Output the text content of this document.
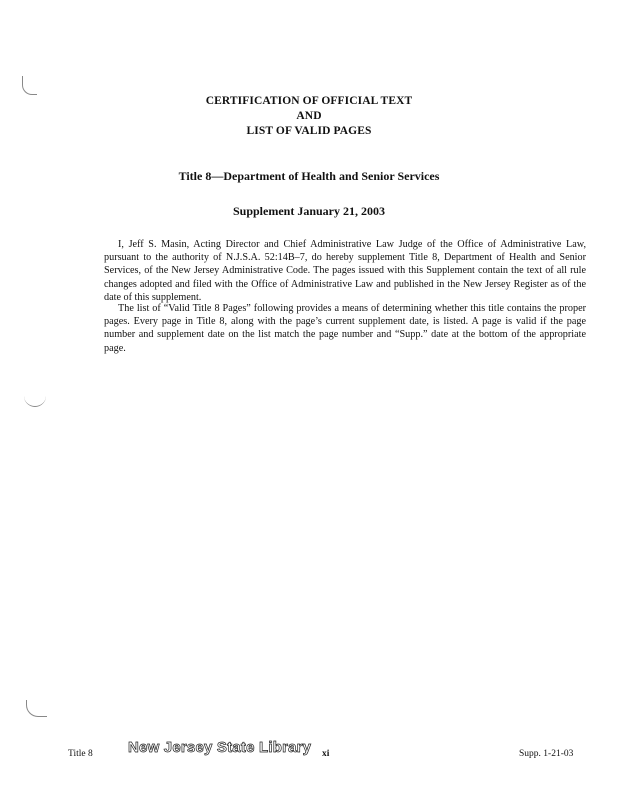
CERTIFICATION OF OFFICIAL TEXT
AND
LIST OF VALID PAGES
Title 8—Department of Health and Senior Services
Supplement January 21, 2003

I, Jeff S. Masin, Acting Director and Chief Administrative Law Judge of the Office of Administrative Law, pursuant to the authority of N.J.S.A. 52:14B–7, do hereby supplement Title 8, Department of Health and Senior Services, of the New Jersey Administrative Code. The pages issued with this Supplement contain the text of all rule changes adopted and filed with the Office of Administrative Law and published in the New Jersey Register as of the date of this supplement.

The list of “Valid Title 8 Pages” following provides a means of determining whether this title contains the proper pages. Every page in Title 8, along with the page’s current supplement date, is listed. A page is valid if the page number and supplement date on the list match the page number and “Supp.” date at the bottom of the appropriate page.

Title 8 New Jersey State Library xi	Supp. 1-21-03
